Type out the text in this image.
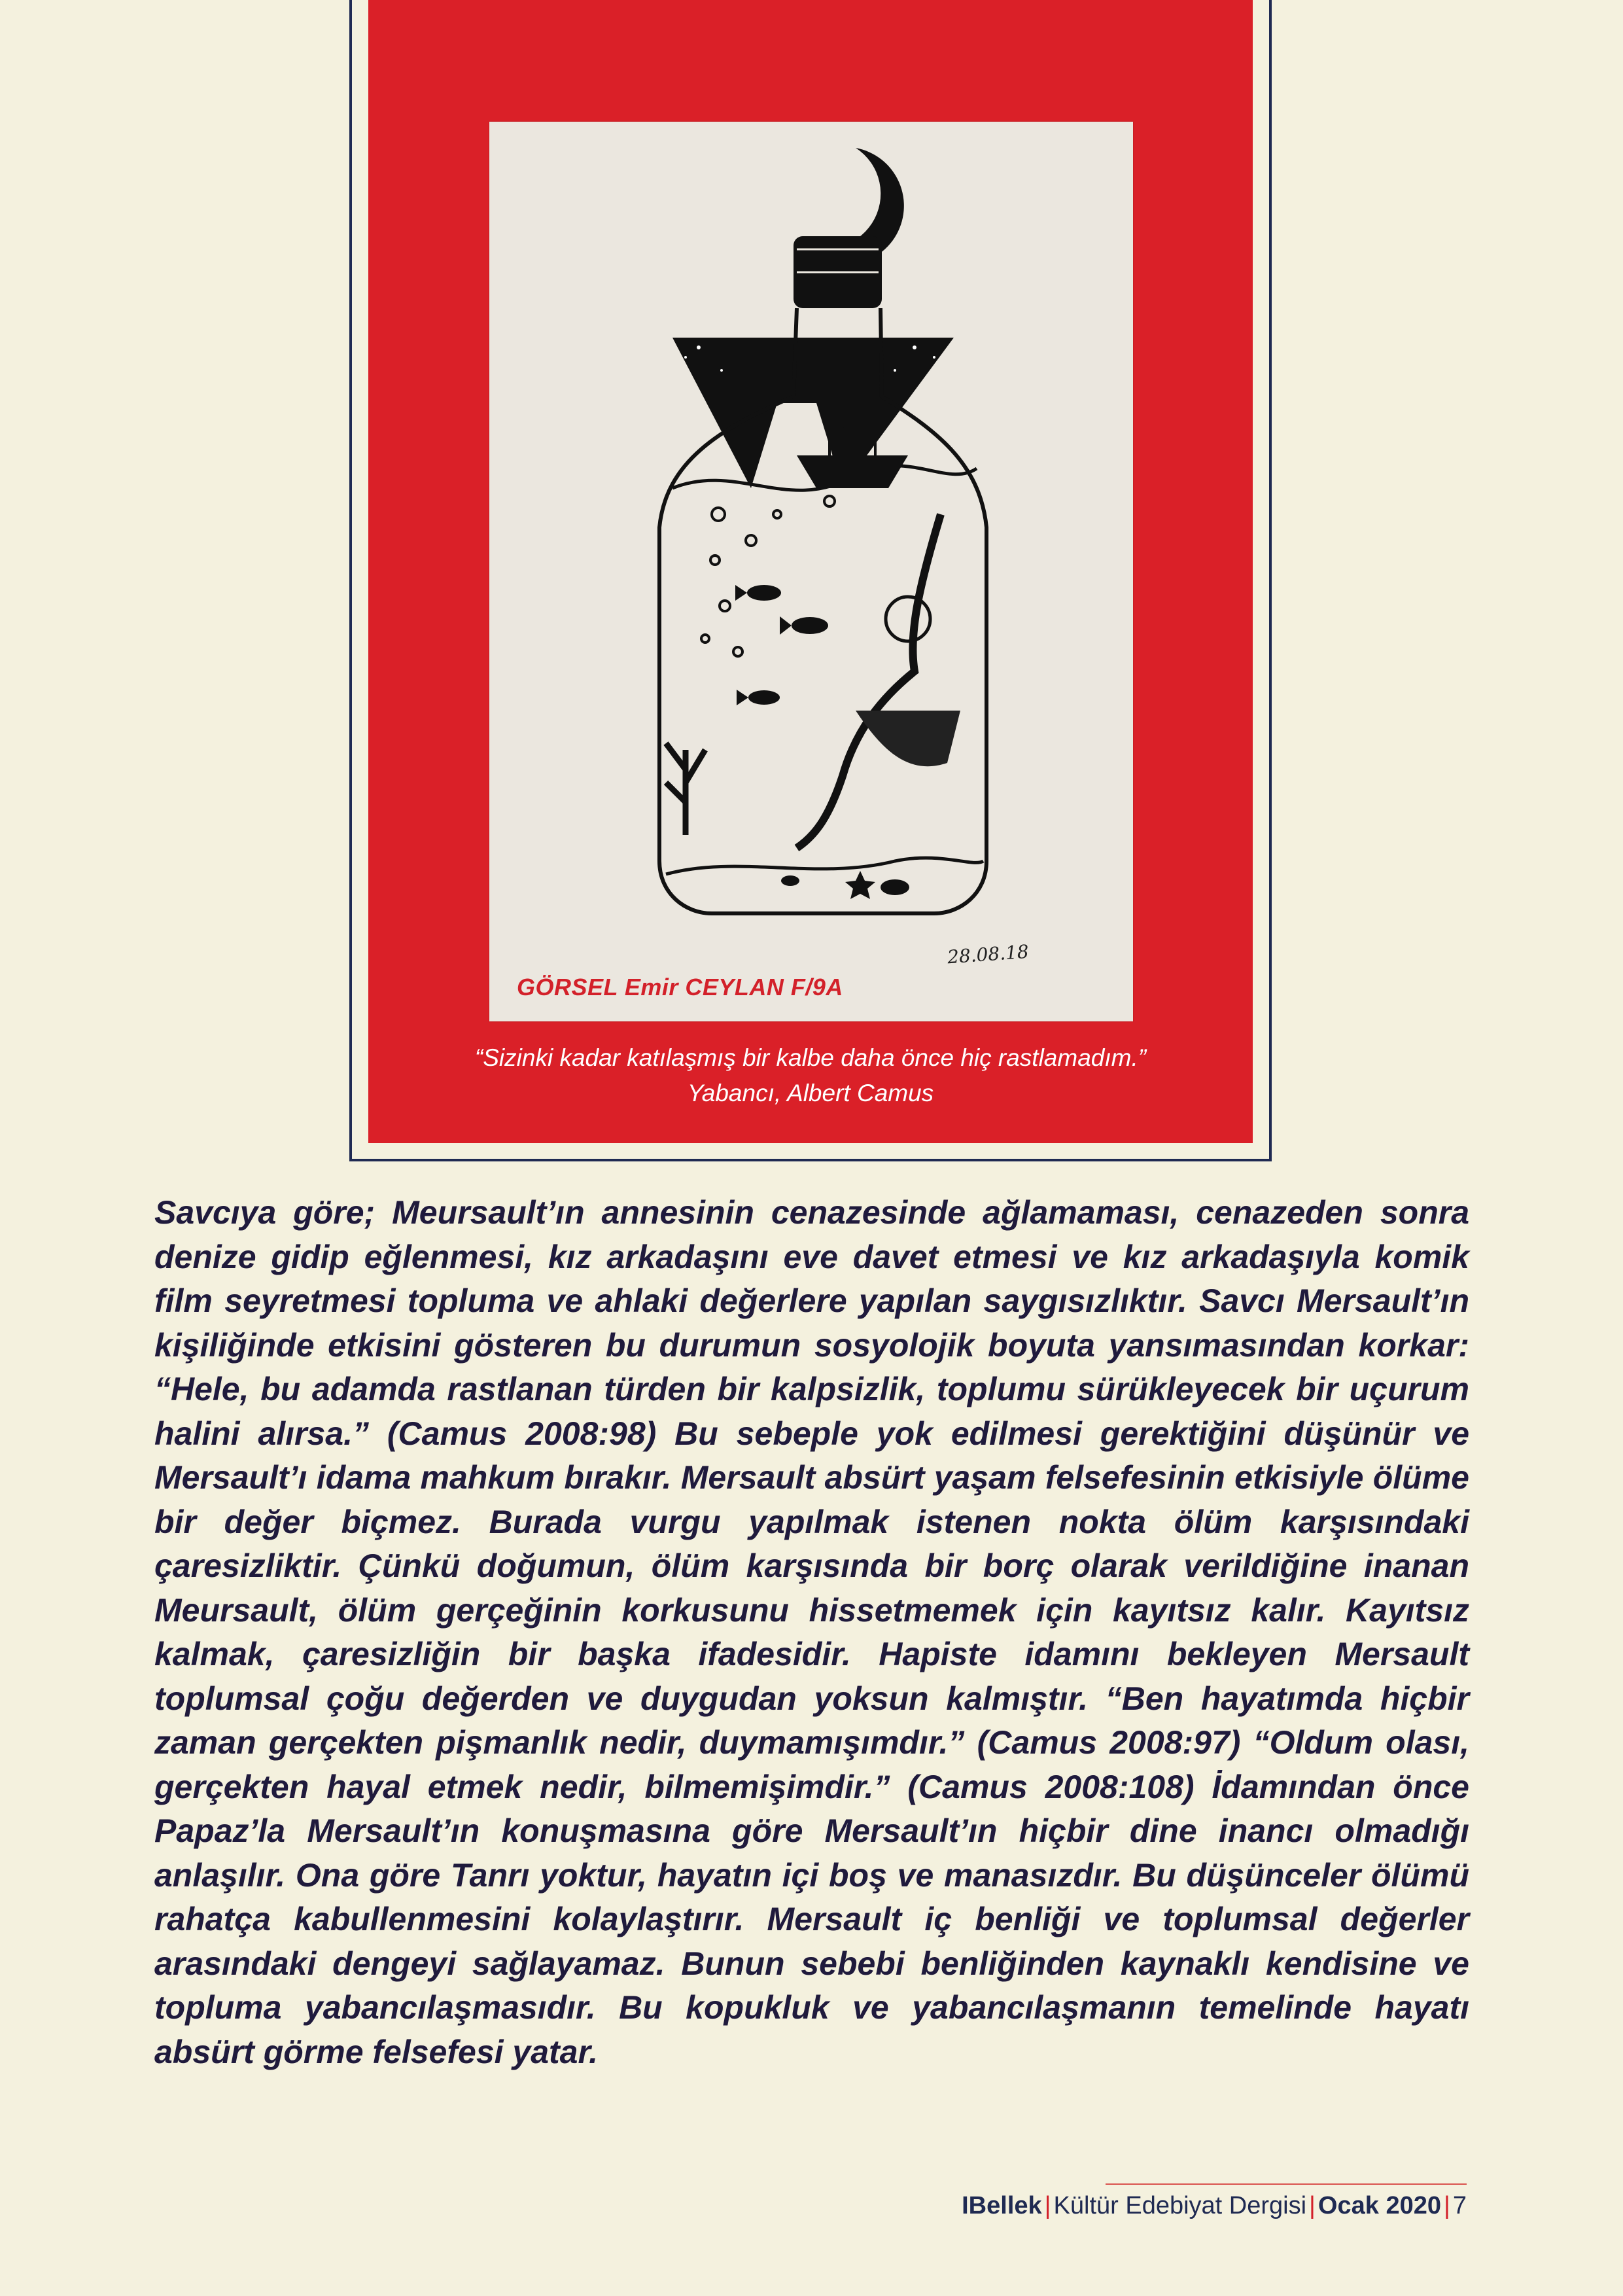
28.08.18
GÖRSEL Emir CEYLAN F/9A
“Sizinki kadar katılaşmış bir kalbe daha önce hiç rastlamadım.”
Yabancı, Albert Camus

Savcıya göre; Meursault’ın annesinin cenazesinde ağlamaması, cenazeden sonra denize gidip eğlenmesi, kız arkadaşını eve davet etmesi ve kız arkadaşıyla komik film seyretmesi topluma ve ahlaki değerlere yapılan saygısızlıktır. Savcı Mersault’ın kişiliğinde etkisini gösteren bu durumun sosyolojik boyuta yansımasından korkar: “Hele, bu adamda rastlanan türden bir kalpsizlik, toplumu sürükleyecek bir uçurum halini alırsa.” (Camus 2008:98) Bu sebeple yok edilmesi gerektiğini düşünür ve Mersault’ı idama mahkum bırakır. Mersault absürt yaşam felsefesinin etkisiyle ölüme bir değer biçmez. Burada vurgu yapılmak istenen nokta ölüm karşısındaki çaresizliktir. Çünkü doğumun, ölüm karşısında bir borç olarak verildiğine inanan Meursault, ölüm gerçeğinin korkusunu hissetmemek için kayıtsız kalır. Kayıtsız kalmak, çaresizliğin bir başka ifadesidir. Hapiste idamını bekleyen Mersault toplumsal çoğu değerden ve duygudan yoksun kalmıştır. “Ben hayatımda hiçbir zaman gerçekten pişmanlık nedir, duymamışımdır.” (Camus 2008:97) “Oldum olası, gerçekten hayal etmek nedir, bilmemişimdir.” (Camus 2008:108) İdamından önce Papaz’la Mersault’ın konuşmasına göre Mersault’ın hiçbir dine inancı olmadığı anlaşılır. Ona göre Tanrı yoktur, hayatın içi boş ve manasızdır. Bu düşünceler ölümü rahatça kabullenmesini kolaylaştırır. Mersault iç benliği ve toplumsal değerler arasındaki dengeyi sağlayamaz. Bunun sebebi benliğinden kaynaklı kendisine ve topluma yabancılaşmasıdır. Bu kopukluk ve yabancılaşmanın temelinde hayatı absürt görme felsefesi yatar.

IBellek | Kültür Edebiyat Dergisi | Ocak 2020 | 7
